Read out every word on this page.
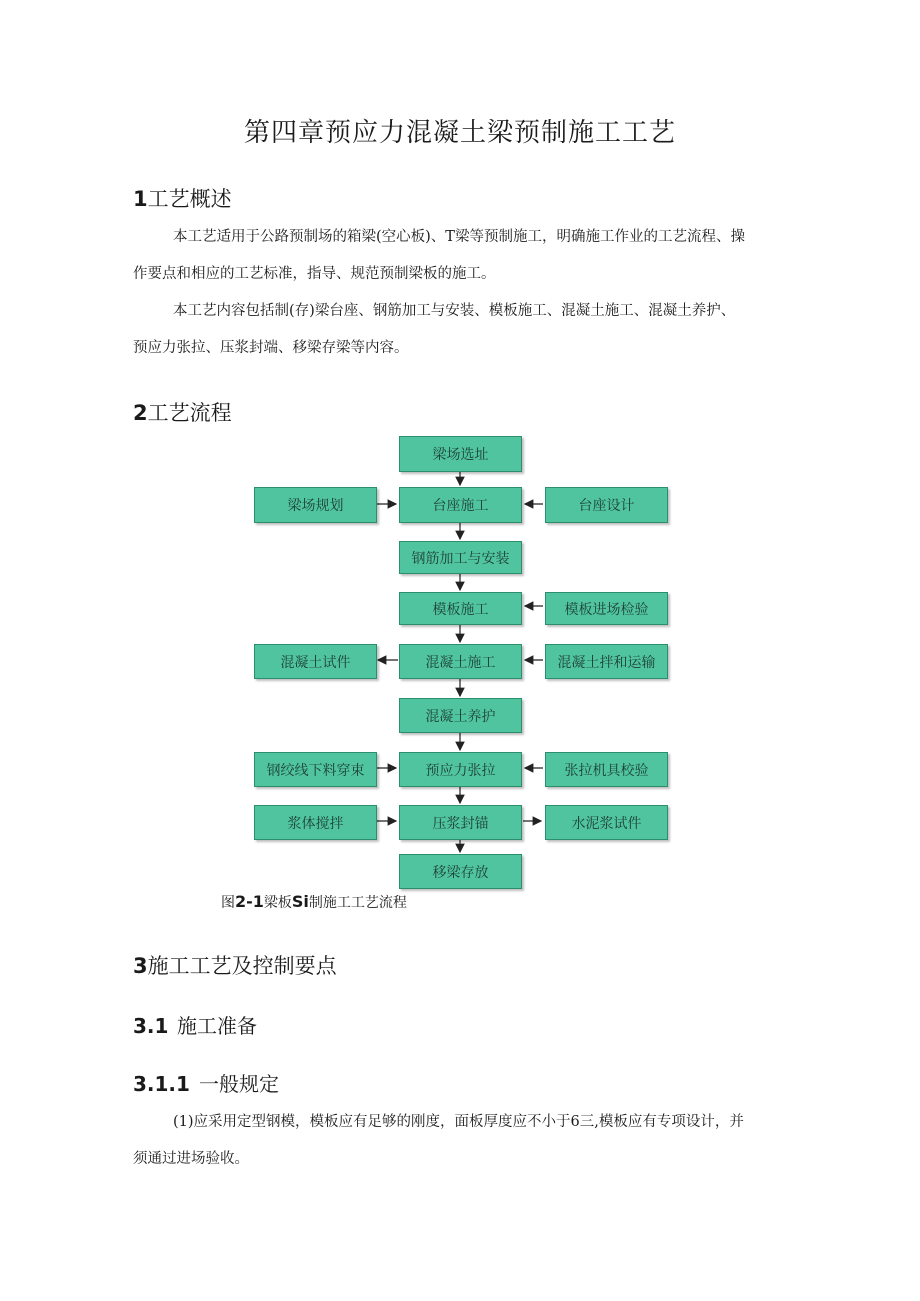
第四章预应力混凝土梁预制施工工艺
1工艺概述
本工艺适用于公路预制场的箱梁(空心板)、T梁等预制施工，明确施工作业的工艺流程、操
作要点和相应的工艺标准，指导、规范预制梁板的施工。
本工艺内容包括制(存)梁台座、钢筋加工与安装、模板施工、混凝土施工、混凝土养护、
预应力张拉、压浆封端、移梁存梁等内容。
2工艺流程
梁场选址
台座施工
钢筋加工与安装
模板施工
混凝土施工
混凝土养护
预应力张拉
压浆封锚
移梁存放
梁场规划
混凝土试件
钢绞线下料穿束
浆体搅拌
台座设计
模板进场检验
混凝土拌和运输
张拉机具校验
水泥浆试件
图2-1梁板Si制施工工艺流程
3施工工艺及控制要点
3.1 施工准备
3.1.1 一般规定
(1)应采用定型钢模，模板应有足够的刚度，面板厚度应不小于6三,模板应有专项设计，并
须通过进场验收。
